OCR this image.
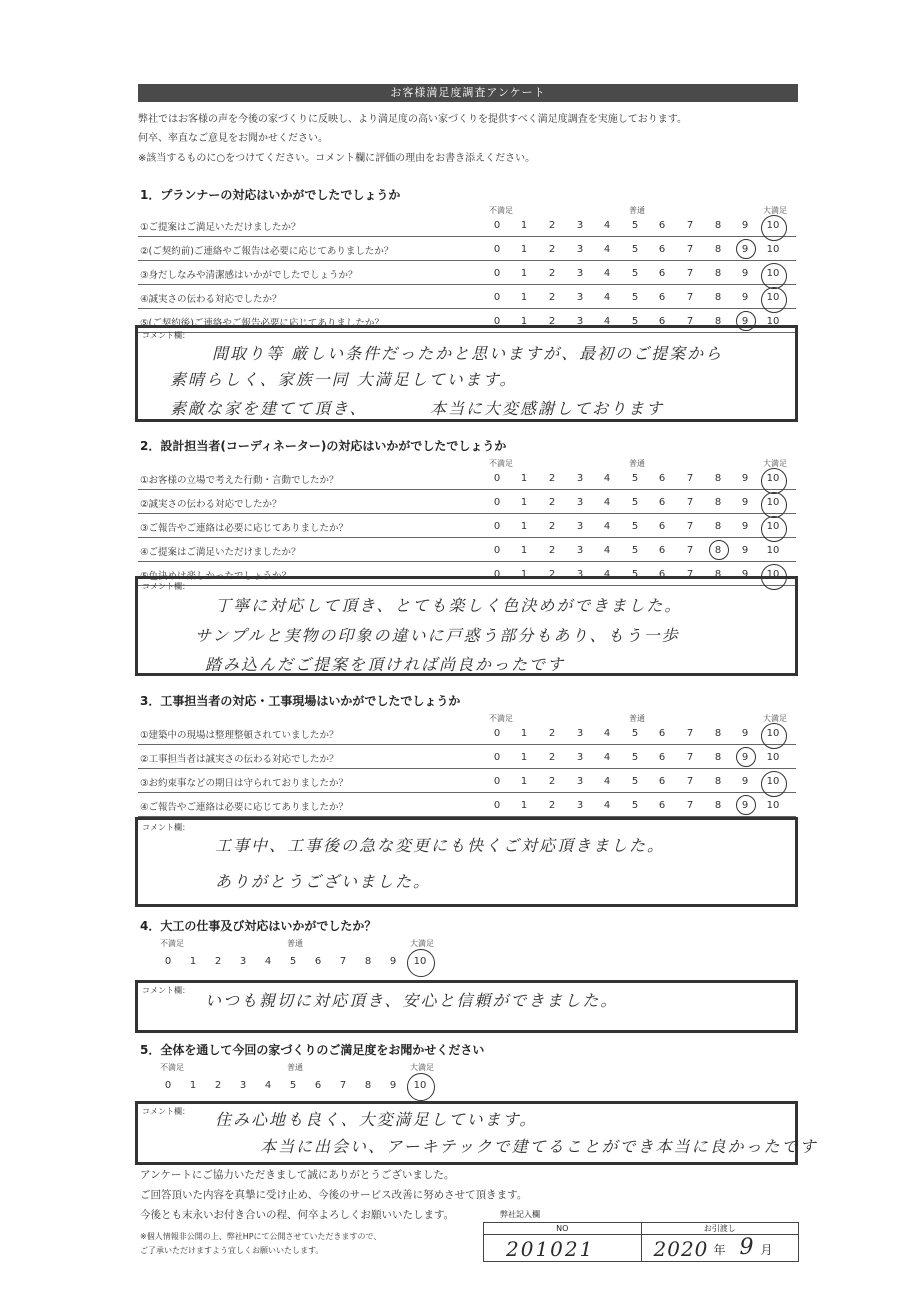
お客様満足度調査アンケート
弊社ではお客様の声を今後の家づくりに反映し、より満足度の高い家づくりを提供すべく満足度調査を実施しております。
何卒、率直なご意見をお聞かせください。
※該当するものに○をつけてください。コメント欄に評価の理由をお書き添えください。
1．プランナーの対応はいかがでしたでしょうか
不満足	普通	大満足
①ご提案はご満足いただけましたか？	0	1	2	3	4	5	6	7	8	9	10
②(ご契約前)ご連絡やご報告は必要に応じてありましたか？	0	1	2	3	4	5	6	7	8	9	10
③身だしなみや清潔感はいかがでしたでしょうか？	0	1	2	3	4	5	6	7	8	9	10
④誠実さの伝わる対応でしたか？	0	1	2	3	4	5	6	7	8	9	10
⑤(ご契約後)ご連絡やご報告必要に応じてありましたか？	0	1	2	3	4	5	6	7	8	9	10
コメント欄：
間取り等 厳しい条件だったかと思いますが、最初のご提案から
素晴らしく、家族一同 大満足しています。
素敵な家を建てて頂き、	本当に大変感謝しております
2．設計担当者(コーディネーター)の対応はいかがでしたでしょうか
不満足	普通	大満足
①お客様の立場で考えた行動・言動でしたか？	0	1	2	3	4	5	6	7	8	9	10
②誠実さの伝わる対応でしたか？	0	1	2	3	4	5	6	7	8	9	10
③ご報告やご連絡は必要に応じてありましたか？	0	1	2	3	4	5	6	7	8	9	10
④ご提案はご満足いただけましたか？	0	1	2	3	4	5	6	7	8	9	10
⑤色決めは楽しかったでしょうか？	0	1	2	3	4	5	6	7	8	9	10
コメント欄：
丁寧に対応して頂き、とても楽しく色決めができました。
サンプルと実物の印象の違いに戸惑う部分もあり、もう一歩
踏み込んだご提案を頂ければ尚良かったです
3．工事担当者の対応・工事現場はいかがでしたでしょうか
不満足	普通	大満足
①建築中の現場は整理整頓されていましたか？	0	1	2	3	4	5	6	7	8	9	10
②工事担当者は誠実さの伝わる対応でしたか？	0	1	2	3	4	5	6	7	8	9	10
③お約束事などの期日は守られておりましたか？	0	1	2	3	4	5	6	7	8	9	10
④ご報告やご連絡は必要に応じてありましたか？	0	1	2	3	4	5	6	7	8	9	10
コメント欄：
工事中、工事後の急な変更にも快くご対応頂きました。
ありがとうございました。
4．大工の仕事及び対応はいかがでしたか？
不満足	普通	大満足
0	1	2	3	4	5	6	7	8	9	10
コメント欄：
いつも親切に対応頂き、安心と信頼ができました。
5．全体を通して今回の家づくりのご満足度をお聞かせください
不満足	普通	大満足
0	1	2	3	4	5	6	7	8	9	10
コメント欄： 住み心地も良く、大変満足しています。
本当に出会い、アーキテックで建てることができ本当に良かったです
アンケートにご協力いただきまして誠にありがとうございました。
ご回答頂いた内容を真摯に受け止め、今後のサービス改善に努めさせて頂きます。
今後とも末永いお付き合いの程、何卒よろしくお願いいたします。
※個人情報非公開の上、弊社HPにて公開させていただきますので、
ご了承いただけますよう宜しくお願いいたします。
弊社記入欄
NO	お引渡し
201021	2020 年 9 月
